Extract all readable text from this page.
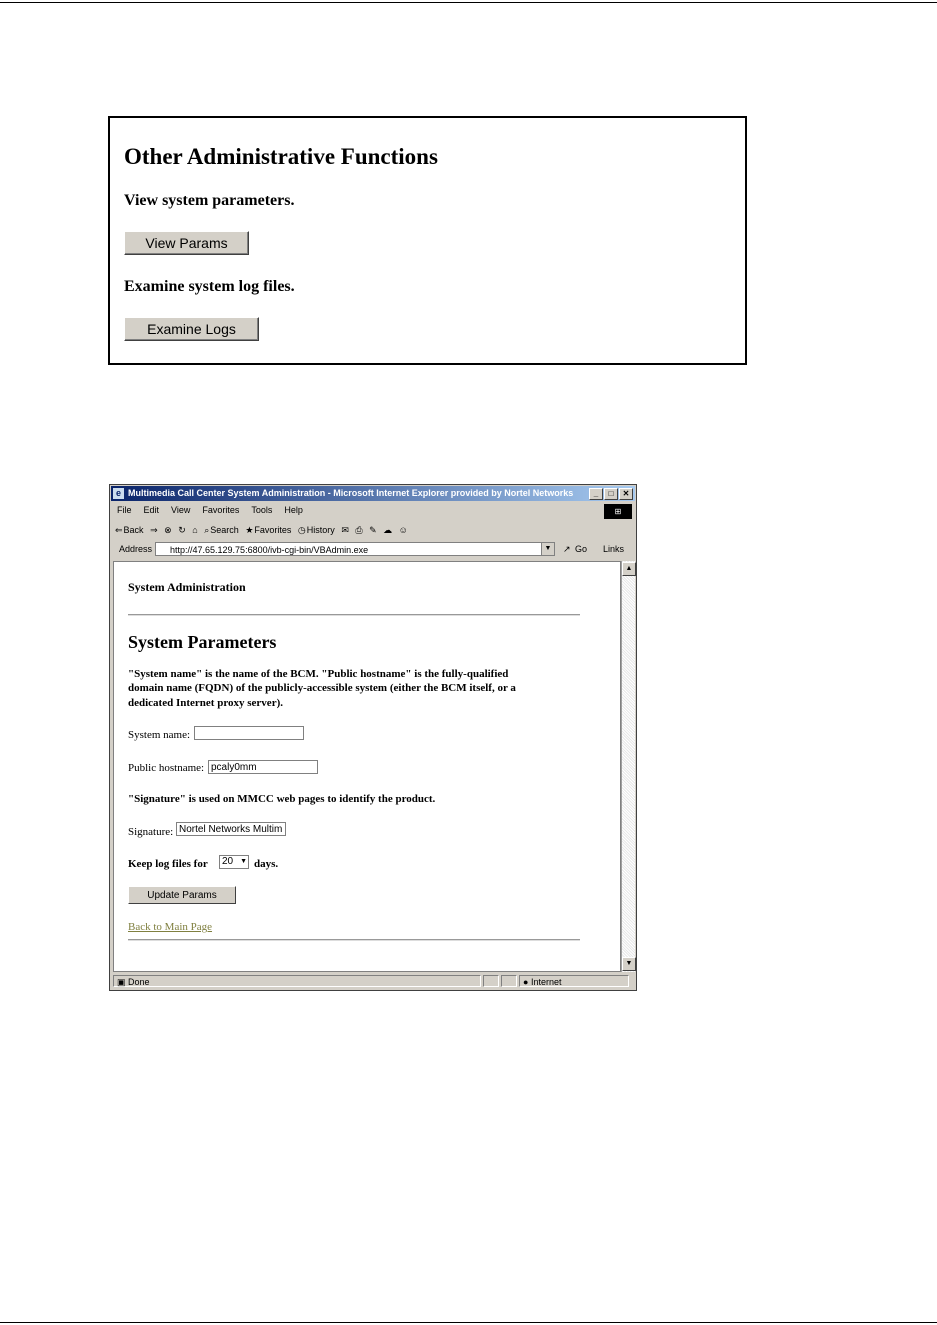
Other Administrative Functions

View system parameters.

View Params

Examine system log files.

Examine Logs
e Multimedia Call Center System Administration - Microsoft Internet Explorer provided by Nortel Networks	_ □ ✕
File Edit View Favorites Tools Help	⊞
⇐Back ⇒ ⊗ ↻ ⌂ ⌕Search ★Favorites ◷History ✉ ⎙ ✎ ☁ ☺
Address	http://47.65.129.75:6800/ivb-cgi-bin/VBAdmin.exe	▼ ↗ Go Links

System Administration

System Parameters

"System name" is the name of the BCM. "Public hostname" is the fully-qualified

domain name (FQDN) of the publicly-accessible system (either the BCM itself, or a

dedicated Internet proxy server).

System name:

Public hostname: pcaly0mm

"Signature" is used on MMCC web pages to identify the product.

Signature: Nortel Networks Multim

Keep log files for	20 ▼ days.

Update Params

Back to Main Page

▲
▼
▣ Done	● Internet
